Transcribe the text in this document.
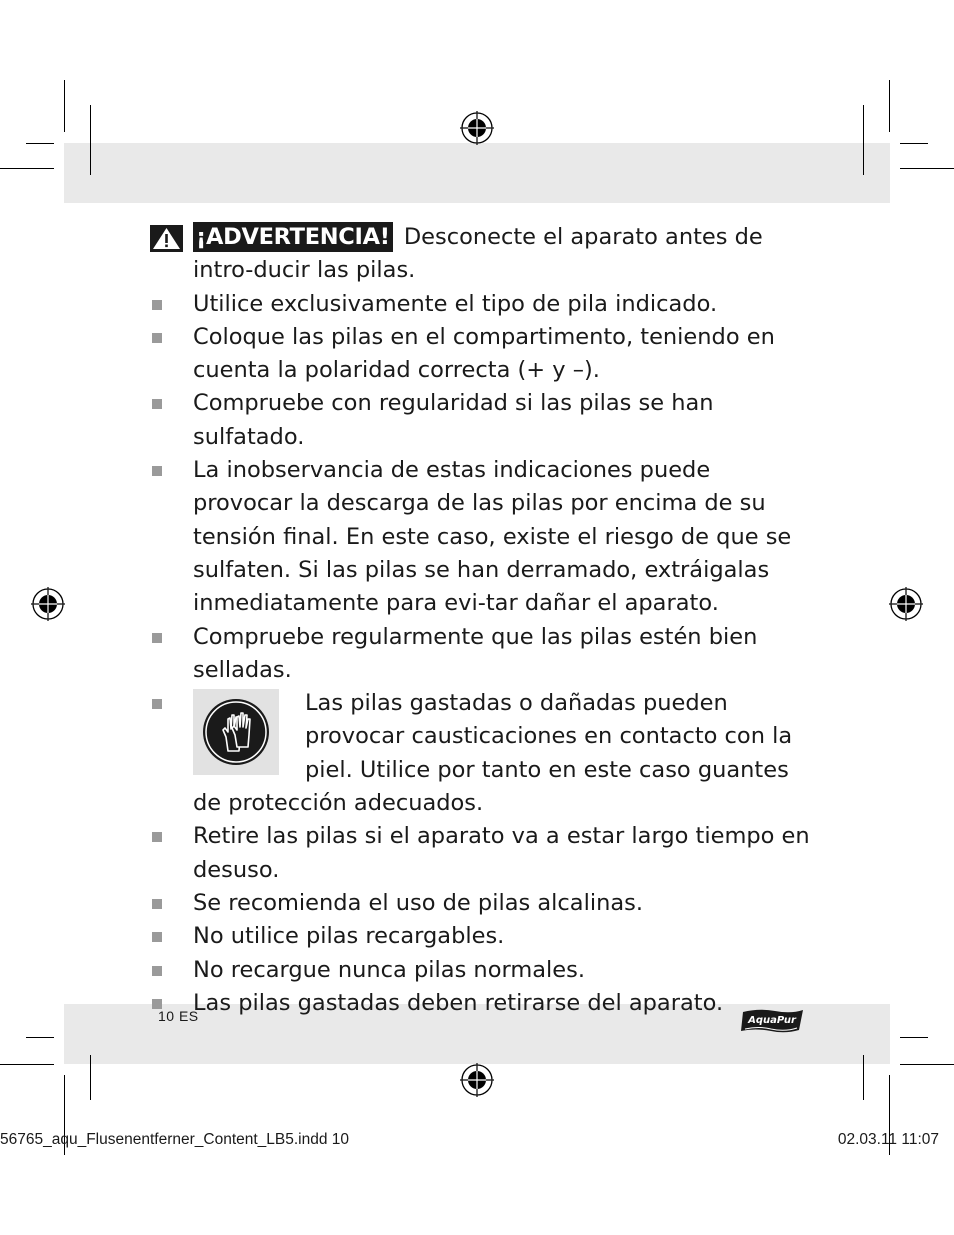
¡ADVERTENCIA! Desconecte el aparato antes de intro-ducir las pilas.
Utilice exclusivamente el tipo de pila indicado.
Coloque las pilas en el compartimento, teniendo en cuenta la polaridad correcta (+ y –).
Compruebe con regularidad si las pilas se han sulfatado.
La inobservancia de estas indicaciones puede provocar la descarga de las pilas por encima de su tensión final. En este caso, existe el riesgo de que se sulfaten. Si las pilas se han derramado, extráigalas inmediatamente para evi-tar dañar el aparato.
Compruebe regularmente que las pilas estén bien selladas.
Las pilas gastadas o dañadas pueden provocar causticaciones en contacto con la piel. Utilice por tanto en este caso guantes de protección adecuados.
Retire las pilas si el aparato va a estar largo tiempo en desuso.
Se recomienda el uso de pilas alcalinas.
No utilice pilas recargables.
No recargue nunca pilas normales.
Las pilas gastadas deben retirarse del aparato.
10 ES	AquaPur
56765_aqu_Flusenentferner_Content_LB5.indd 10	02.03.11 11:07
